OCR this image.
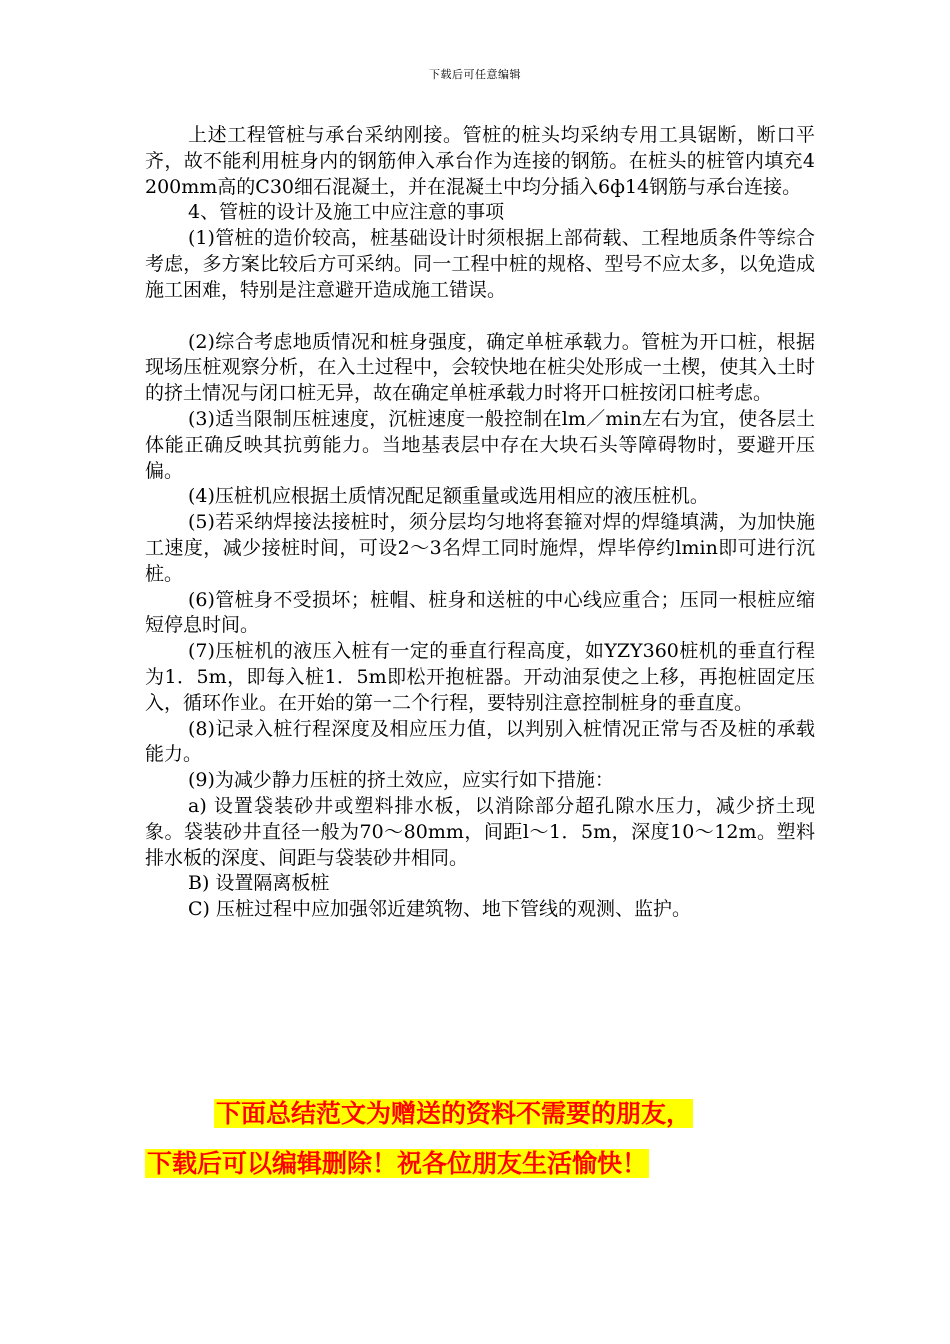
下载后可任意编辑

上述工程管桩与承台采纳刚接。管桩的桩头均采纳专用工具锯断，断口平齐，故不能利用桩身内的钢筋伸入承台作为连接的钢筋。在桩头的桩管内填充4200mm高的C30细石混凝土，并在混凝土中均分插入6ф14钢筋与承台连接。

4、管桩的设计及施工中应注意的事项

(1)管桩的造价较高，桩基础设计时须根据上部荷载、工程地质条件等综合考虑，多方案比较后方可采纳。同一工程中桩的规格、型号不应太多，以免造成施工困难，特别是注意避开造成施工错误。

(2)综合考虑地质情况和桩身强度，确定单桩承载力。管桩为开口桩，根据现场压桩观察分析，在入土过程中，会较快地在桩尖处形成一土楔，使其入土时的挤土情况与闭口桩无异，故在确定单桩承载力时将开口桩按闭口桩考虑。

(3)适当限制压桩速度，沉桩速度一般控制在lm／min左右为宜，使各层土体能正确反映其抗剪能力。当地基表层中存在大块石头等障碍物时，要避开压偏。

(4)压桩机应根据土质情况配足额重量或选用相应的液压桩机。

(5)若采纳焊接法接桩时，须分层均匀地将套箍对焊的焊缝填满，为加快施工速度，减少接桩时间，可设2～3名焊工同时施焊，焊毕停约lmin即可进行沉桩。

(6)管桩身不受损坏；桩帽、桩身和送桩的中心线应重合；压同一根桩应缩短停息时间。

(7)压桩机的液压入桩有一定的垂直行程高度，如YZY360桩机的垂直行程为1．5m，即每入桩1．5m即松开抱桩器。开动油泵使之上移，再抱桩固定压入，循环作业。在开始的第一二个行程，要特别注意控制桩身的垂直度。

(8)记录入桩行程深度及相应压力值，以判别入桩情况正常与否及桩的承载能力。

(9)为减少静力压桩的挤土效应，应实行如下措施：

a) 设置袋装砂井或塑料排水板，以消除部分超孔隙水压力，减少挤土现象。袋装砂井直径一般为70～80mm，间距l～1．5m，深度10～12m。塑料排水板的深度、间距与袋装砂井相同。

B) 设置隔离板桩

C) 压桩过程中应加强邻近建筑物、地下管线的观测、监护。

下面总结范文为赠送的资料不需要的朋友，
下载后可以编辑删除！祝各位朋友生活愉快！
